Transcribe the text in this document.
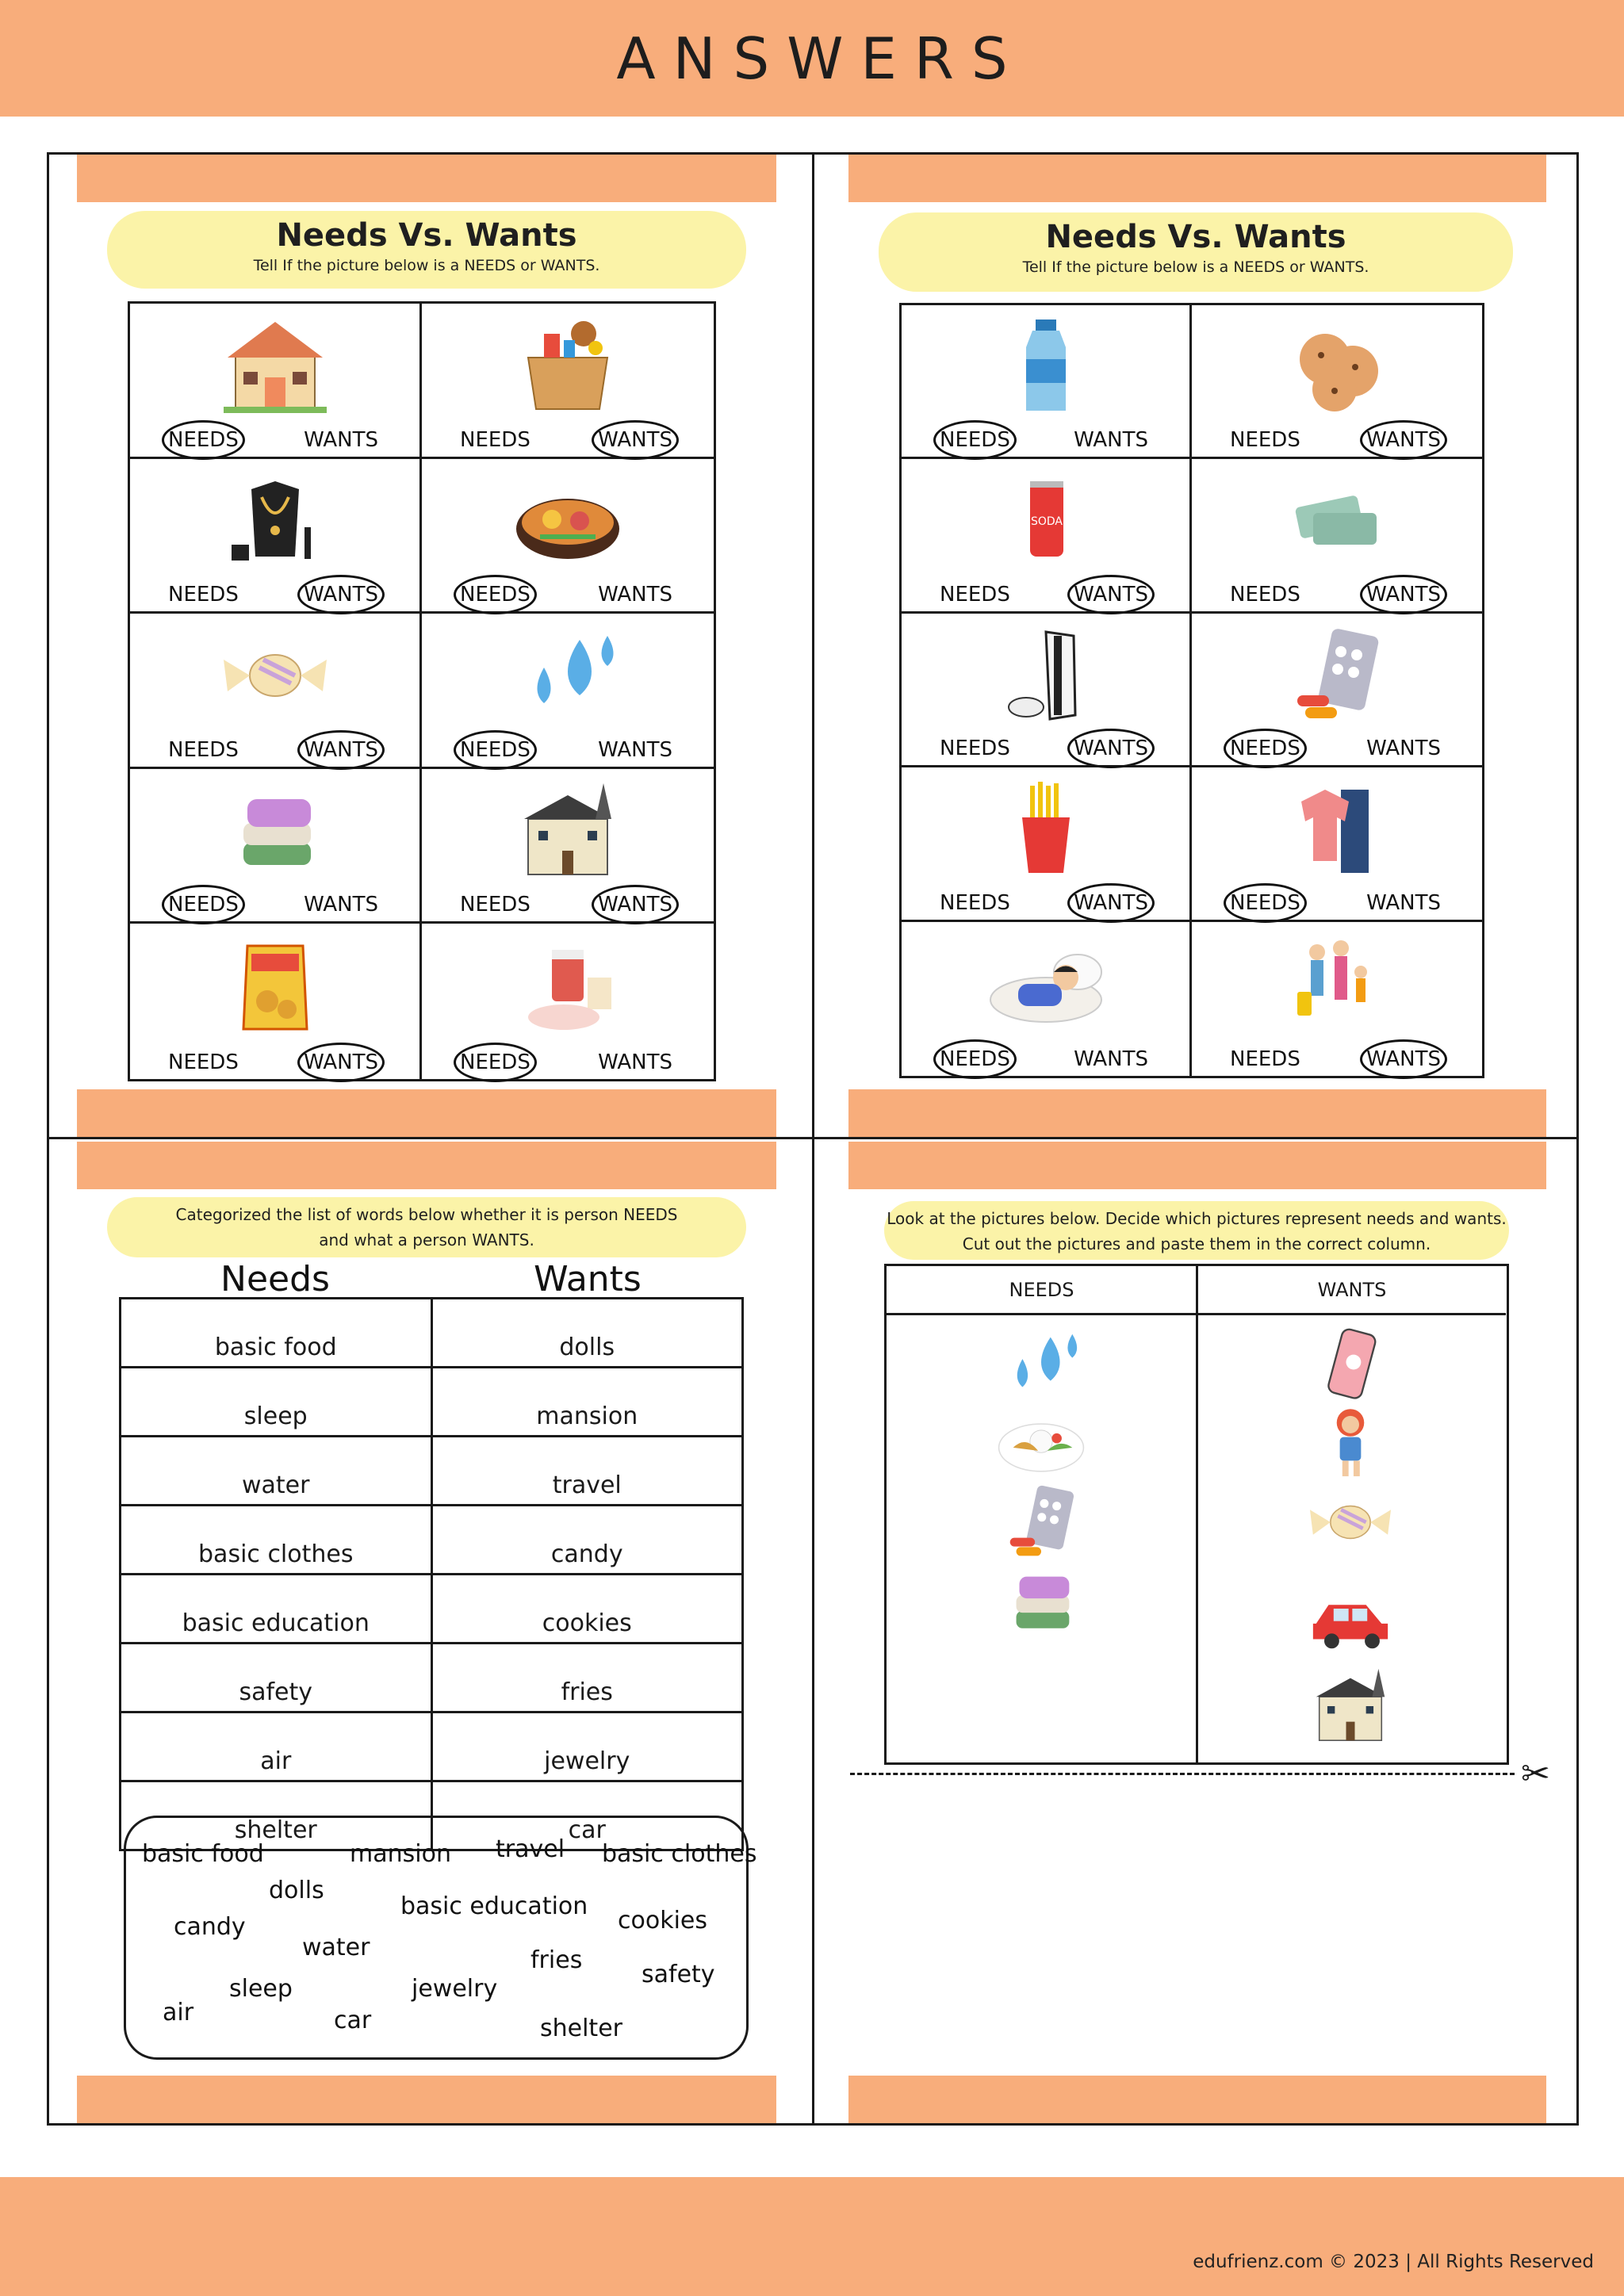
ANSWERS
edufrienz.com © 2023 | All Rights Reserved
Needs Vs. Wants
Tell If the picture below is a NEEDS or WANTS.
NEEDS	WANTS	NEEDS	WANTS
NEEDS	WANTS	NEEDS	WANTS
NEEDS	WANTS	NEEDS	WANTS
NEEDS	WANTS	NEEDS	WANTS
NEEDS	WANTS	NEEDS	WANTS
Needs Vs. Wants
Tell If the picture below is a NEEDS or WANTS.
NEEDS	WANTS	NEEDS	WANTS
SODA
NEEDS	WANTS	NEEDS	WANTS
NEEDS	WANTS	NEEDS	WANTS
NEEDS	WANTS	NEEDS	WANTS
NEEDS	WANTS	NEEDS	WANTS
Categorized the list of words below whether it is person NEEDS
and what a person WANTS.
Needs	Wants
basic food	dolls
sleep	mansion
water	travel
basic clothes	candy
basic education	cookies
safety	fries
air	jewelry
shelter	car
basic food	mansion travel basic clothes
dolls
basic education
candy	cookies
water	fries
safety
sleep	jewelry
air	car	shelter
Look at the pictures below. Decide which pictures represent needs and wants.
Cut out the pictures and paste them in the correct column.
NEEDS	WANTS
✂
